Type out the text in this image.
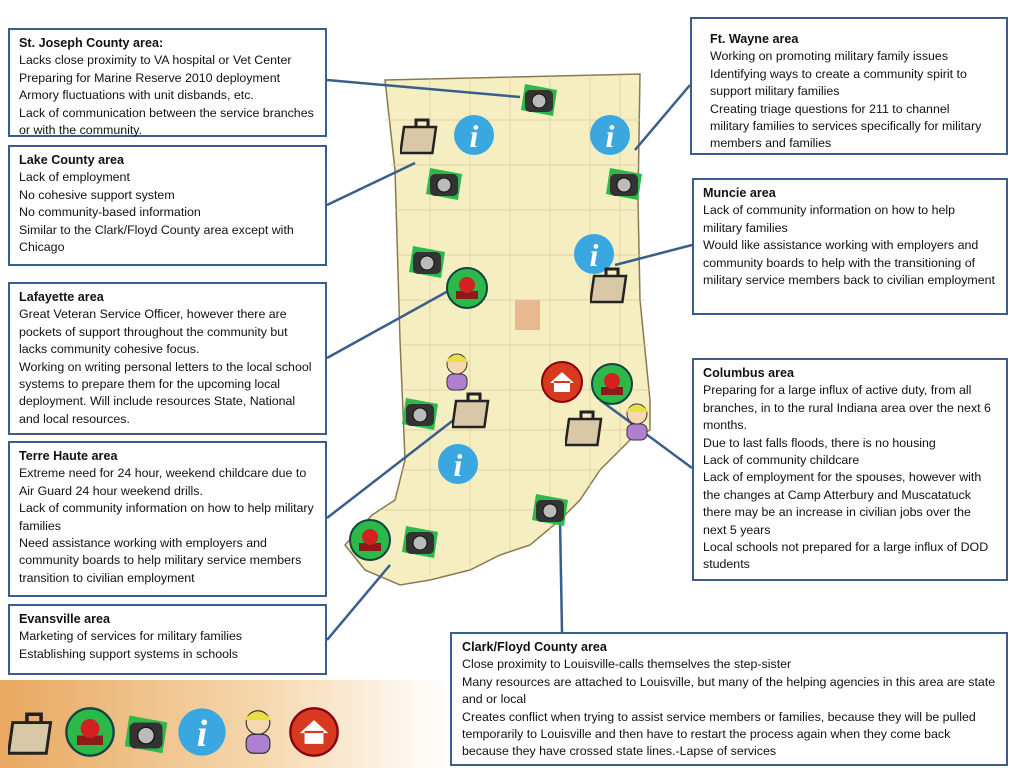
i	i
i
i
i
St. Joseph County area:
Lacks close proximity to VA hospital or Vet Center
Preparing for Marine Reserve 2010 deployment
Armory fluctuations with unit disbands, etc.
Lack of communication between the service branches or with the community.
Lake County area
Lack of employment
No cohesive support system
No community-based information
Similar to the Clark/Floyd County area except with Chicago
Lafayette area
Great Veteran Service Officer, however there are pockets of support throughout the community but lacks community cohesive focus.
Working on writing personal letters to the local school systems to prepare them for the upcoming local deployment. Will include resources State, National and local resources.
Terre Haute area
Extreme need for 24 hour, weekend childcare due to Air Guard 24 hour weekend drills.
Lack of community information on how to help military families
Need assistance working with employers and community boards to help military service members transition to civilian employment
Evansville area
Marketing of services for military families
Establishing support systems in schools
Ft. Wayne area
Working on promoting military family issues
Identifying ways to create a community spirit to support military families
Creating triage questions for 211 to channel military families to services specifically for military members and families
Muncie area
Lack of community information on how to help military families
Would like assistance working with employers and community boards to help with the transitioning of military service members back to civilian employment
Columbus area
Preparing for a large influx of active duty, from all branches, in to the rural Indiana area over the next 6 months.
Due to last falls floods, there is no housing
Lack of community childcare
Lack of employment for the spouses, however with the changes at Camp Atterbury and Muscatatuck there may be an increase in civilian jobs over the next 5 years
Local schools not prepared for a large influx of DOD students
Clark/Floyd County area
Close proximity to Louisville-calls themselves the step-sister
Many resources are attached to Louisville, but many of the helping agencies in this area are state and or local
Creates conflict when trying to assist service members or families, because they will be pulled temporarily to Louisville and then have to restart the process again when they come back because they have crossed state lines.-Lapse of services
